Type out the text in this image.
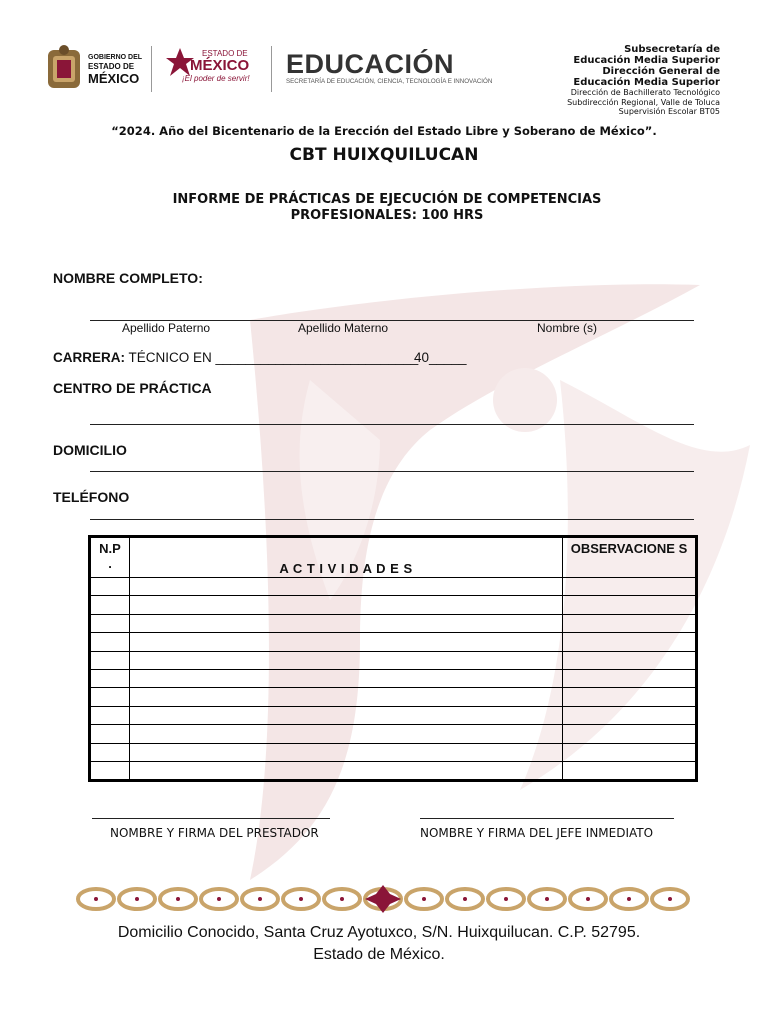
GOBIERNO DEL
ESTADO DE
MÉXICO
ESTADO DE
MÉXICO
¡El poder de servir! EDUCACIÓN
SECRETARÍA DE EDUCACIÓN, CIENCIA, TECNOLOGÍA E INNOVACIÓN
Subsecretaría de
Educación Media Superior
Dirección General de
Educación Media Superior
Dirección de Bachillerato Tecnológico
Subdirección Regional, Valle de Toluca
Supervisión Escolar BT05
“2024. Año del Bicentenario de la Erección del Estado Libre y Soberano de México”.
CBT HUIXQUILUCAN
INFORME DE PRÁCTICAS DE EJECUCIÓN DE COMPETENCIAS
PROFESIONALES: 100 HRS
NOMBRE COMPLETO:
Apellido Paterno	Apellido Materno	Nombre (s)
CARRERA: TÉCNICO EN ___________________________
40_____
CENTRO DE PRÁCTICA
DOMICILIO
TELÉFONO
N.P .	A C T I V I D A D E S	OBSERVACIONE S

NOMBRE Y FIRMA DEL PRESTADOR	NOMBRE Y FIRMA DEL JEFE INMEDIATO
Domicilio Conocido, Santa Cruz Ayotuxco, S/N. Huixquilucan. C.P. 52795.
Estado de México.
